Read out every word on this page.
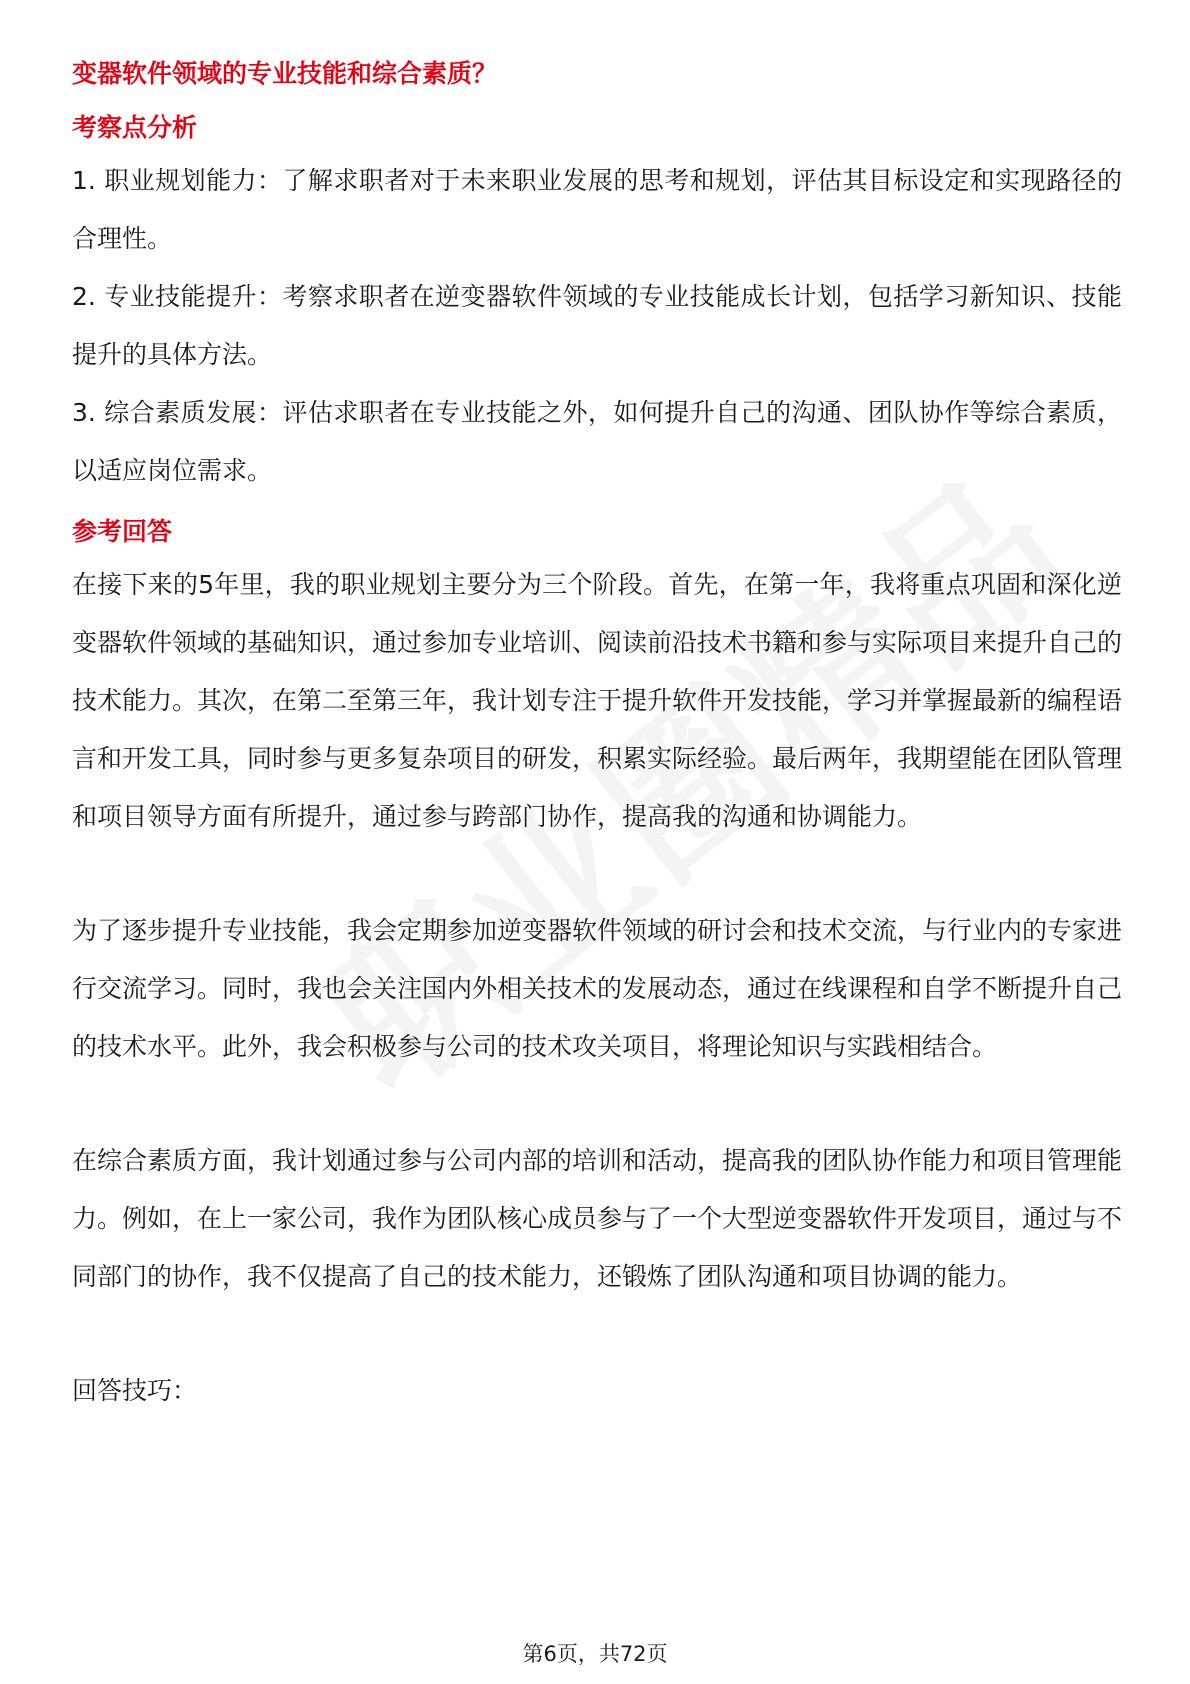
变器软件领域的专业技能和综合素质？
考察点分析

1. 职业规划能力：了解求职者对于未来职业发展的思考和规划，评估其目标设定和实现路径的合理性。

2. 专业技能提升：考察求职者在逆变器软件领域的专业技能成长计划，包括学习新知识、技能提升的具体方法。

3. 综合素质发展：评估求职者在专业技能之外，如何提升自己的沟通、团队协作等综合素质，以适应岗位需求。

参考回答

在接下来的5年里，我的职业规划主要分为三个阶段。首先，在第一年，我将重点巩固和深化逆变器软件领域的基础知识，通过参加专业培训、阅读前沿技术书籍和参与实际项目来提升自己的技术能力。其次，在第二至第三年，我计划专注于提升软件开发技能，学习并掌握最新的编程语言和开发工具，同时参与更多复杂项目的研发，积累实际经验。最后两年，我期望能在团队管理和项目领导方面有所提升，通过参与跨部门协作，提高我的沟通和协调能力。

为了逐步提升专业技能，我会定期参加逆变器软件领域的研讨会和技术交流，与行业内的专家进行交流学习。同时，我也会关注国内外相关技术的发展动态，通过在线课程和自学不断提升自己的技术水平。此外，我会积极参与公司的技术攻关项目，将理论知识与实践相结合。

在综合素质方面，我计划通过参与公司内部的培训和活动，提高我的团队协作能力和项目管理能力。例如，在上一家公司，我作为团队核心成员参与了一个大型逆变器软件开发项目，通过与不同部门的协作，我不仅提高了自己的技术能力，还锻炼了团队沟通和项目协调的能力。

回答技巧：

第6页，共72页
